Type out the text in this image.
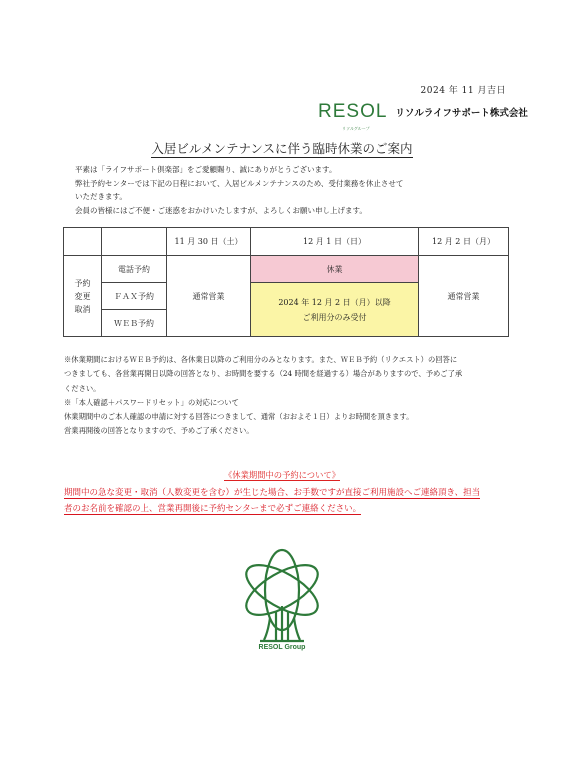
2024 年 11 月吉日
RESOL
リソルグループ
リソルライフサポート株式会社
入居ビルメンテナンスに伴う臨時休業のご案内

平素は「ライフサポート倶楽部」をご愛顧賜り、誠にありがとうございます。

弊社予約センターでは下記の日程において、入居ビルメンテナンスのため、受付業務を休止させて

いただきます。

会員の皆様にはご不便・ご迷惑をおかけいたしますが、よろしくお願い申し上げます。

		11 月 30 日（土）	12 月 1 日（日）	12 月 2 日（月）

予約
変更
取消	電話予約	通常営業	休業	通常営業
	ＦＡＸ予約		2024 年 12 月 2 日（月）以降
ご利用分のみ受付	

	ＷＥＢ予約			

※休業期間におけるＷＥＢ予約は、各休業日以降のご利用分のみとなります。また、ＷＥＢ予約（リクエスト）の回答に

つきましても、各営業再開日以降の回答となり、お時間を要する（24 時間を経過する）場合がありますので、予めご了承

ください。

※「本人確認＋パスワードリセット」の対応について

休業期間中のご本人確認の申請に対する回答につきまして、通常（おおよそ１日）よりお時間を頂きます。

営業再開後の回答となりますので、予めご了承ください。

《休業期間中の予約について》
期間中の急な変更・取消（人数変更を含む）が生じた場合、お手数ですが直接ご利用施設へご連絡頂き、担当
者のお名前を確認の上、営業再開後に予約センターまで必ずご連絡ください。
RESOL Group
